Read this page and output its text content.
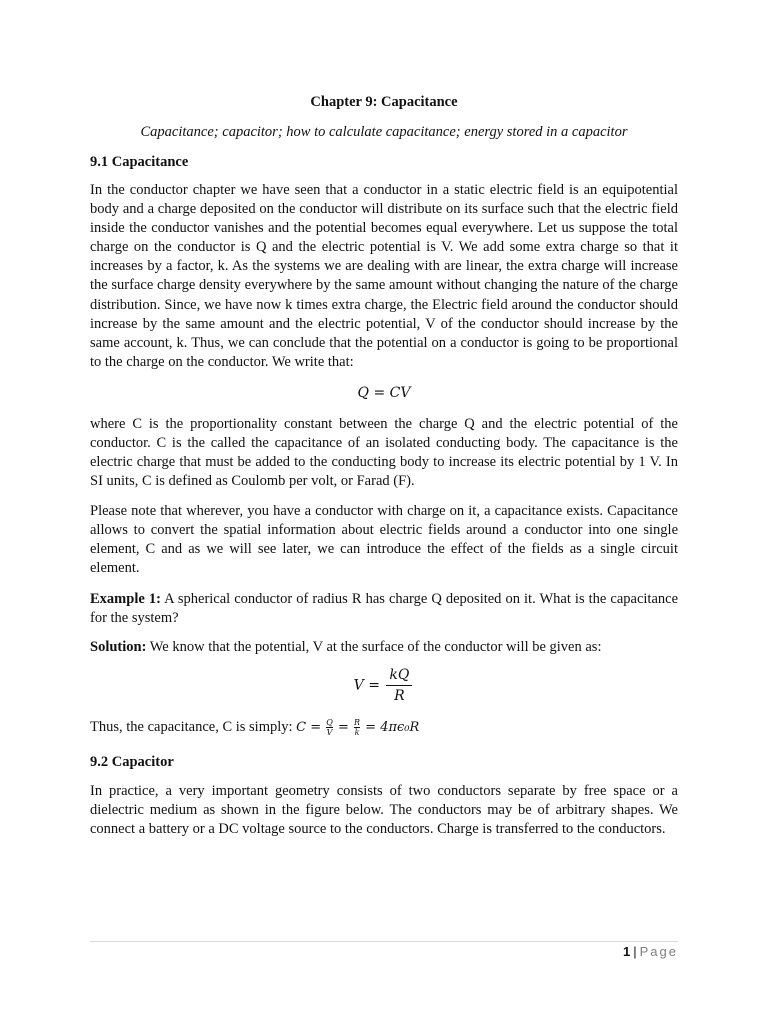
Chapter 9: Capacitance
Capacitance; capacitor; how to calculate capacitance; energy stored in a capacitor
9.1 Capacitance

In the conductor chapter we have seen that a conductor in a static electric field is an equipotential body and a charge deposited on the conductor will distribute on its surface such that the electric field inside the conductor vanishes and the potential becomes equal everywhere. Let us suppose the total charge on the conductor is Q and the electric potential is V. We add some extra charge so that it increases by a factor, k. As the systems we are dealing with are linear, the extra charge will increase the surface charge density everywhere by the same amount without changing the nature of the charge distribution. Since, we have now k times extra charge, the Electric field around the conductor should increase by the same amount and the electric potential, V of the conductor should increase by the same account, k. Thus, we can conclude that the potential on a conductor is going to be proportional to the charge on the conductor. We write that:

Q = CV

where C is the proportionality constant between the charge Q and the electric potential of the conductor. C is the called the capacitance of an isolated conducting body. The capacitance is the electric charge that must be added to the conducting body to increase its electric potential by 1 V. In SI units, C is defined as Coulomb per volt, or Farad (F).

Please note that wherever, you have a conductor with charge on it, a capacitance exists. Capacitance allows to convert the spatial information about electric fields around a conductor into one single element, C and as we will see later, we can introduce the effect of the fields as a single circuit element.

Example 1: A spherical conductor of radius R has charge Q deposited on it. What is the capacitance for the system?

Solution: We know that the potential, V at the surface of the conductor will be given as:

$V = \frac{kQ}{R}$

Thus, the capacitance, C is simply: $C = \frac{Q}{V} = \frac{R}{k} = 4\pi\epsilon_0R$

9.2 Capacitor

In practice, a very important geometry consists of two conductors separate by free space or a dielectric medium as shown in the figure below. The conductors may be of arbitrary shapes. We connect a battery or a DC voltage source to the conductors. Charge is transferred to the conductors.

1 | Page
